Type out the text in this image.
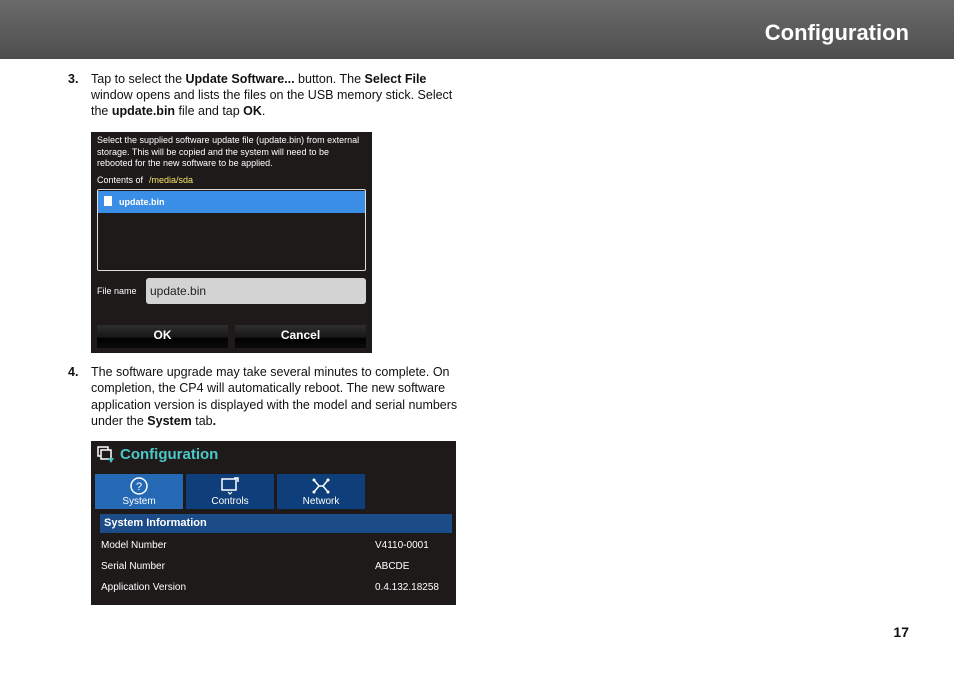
Configuration
3. Tap to select the Update Software... button. The Select File window opens and lists the files on the USB memory stick. Select the update.bin file and tap OK.
Select the supplied software update file (update.bin) from external storage. This will be copied and the system will need to be rebooted for the new software to be applied.
Contents of /media/sda
update.bin
File name	update.bin
OK	Cancel
4. The software upgrade may take several minutes to complete. On completion, the CP4 will automatically reboot. The new software application version is displayed with the model and serial numbers under the System tab.
Configuration
?
System	Controls	Network
System Information
Model Number	V4110-0001
Serial Number	ABCDE
Application Version	0.4.132.18258
17
